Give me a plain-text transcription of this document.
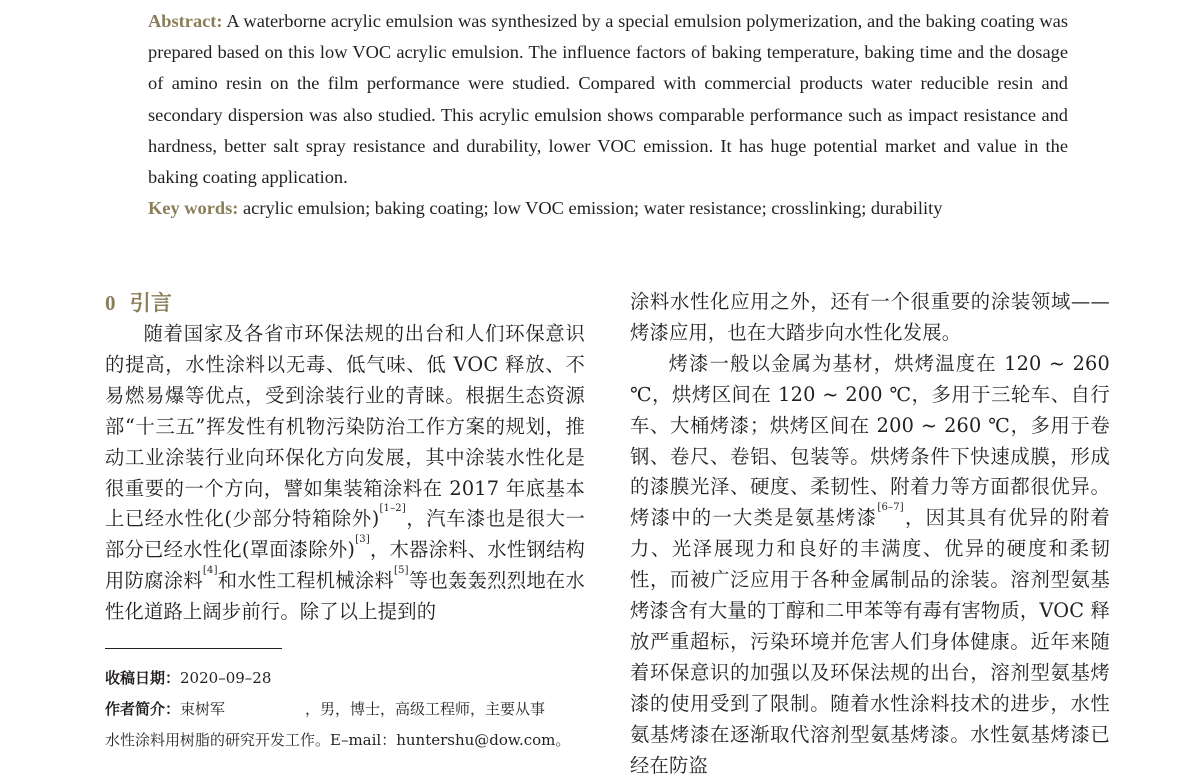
Abstract: A waterborne acrylic emulsion was synthesized by a special emulsion polymerization, and the baking coating was prepared based on this low VOC acrylic emulsion. The influence factors of baking temperature, baking time and the dosage of amino resin on the film performance were studied. Compared with commercial products water reducible resin and secondary dispersion was also studied. This acrylic emulsion shows comparable performance such as impact resistance and hardness, better salt spray resistance and durability, lower VOC emission. It has huge potential market and value in the baking coating application.

Key words: acrylic emulsion; baking coating; low VOC emission; water resistance; crosslinking; durability

0 引言

随着国家及各省市环保法规的出台和人们环保意识的提高，水性涂料以无毒、低气味、低 VOC 释放、不易燃易爆等优点，受到涂装行业的青睐。根据生态资源部“十三五”挥发性有机物污染防治工作方案的规划，推动工业涂装行业向环保化方向发展，其中涂装水性化是很重要的一个方向，譬如集装箱涂料在 2017 年底基本上已经水性化(少部分特箱除外)[1–2]，汽车漆也是很大一部分已经水性化(罩面漆除外)[3]，木器涂料、水性钢结构用防腐涂料[4]和水性工程机械涂料[5]等也轰轰烈烈地在水性化道路上阔步前行。除了以上提到的

收稿日期：2020–09–28
作者简介：束树军	，男，博士，高级工程师，主要从事
水性涂料用树脂的研究开发工作。E–mail：huntershu@dow.com。

涂料水性化应用之外，还有一个很重要的涂装领域——烤漆应用，也在大踏步向水性化发展。

烤漆一般以金属为基材，烘烤温度在 120 ~ 260 ℃，烘烤区间在 120 ~ 200 ℃，多用于三轮车、自行车、大桶烤漆；烘烤区间在 200 ~ 260 ℃，多用于卷钢、卷尺、卷铝、包装等。烘烤条件下快速成膜，形成的漆膜光泽、硬度、柔韧性、附着力等方面都很优异。烤漆中的一大类是氨基烤漆[6–7]，因其具有优异的附着力、光泽展现力和良好的丰满度、优异的硬度和柔韧性，而被广泛应用于各种金属制品的涂装。溶剂型氨基烤漆含有大量的丁醇和二甲苯等有毒有害物质，VOC 释放严重超标，污染环境并危害人们身体健康。近年来随着环保意识的加强以及环保法规的出台，溶剂型氨基烤漆的使用受到了限制。随着水性涂料技术的进步，水性氨基烤漆在逐渐取代溶剂型氨基烤漆。水性氨基烤漆已经在防盗
